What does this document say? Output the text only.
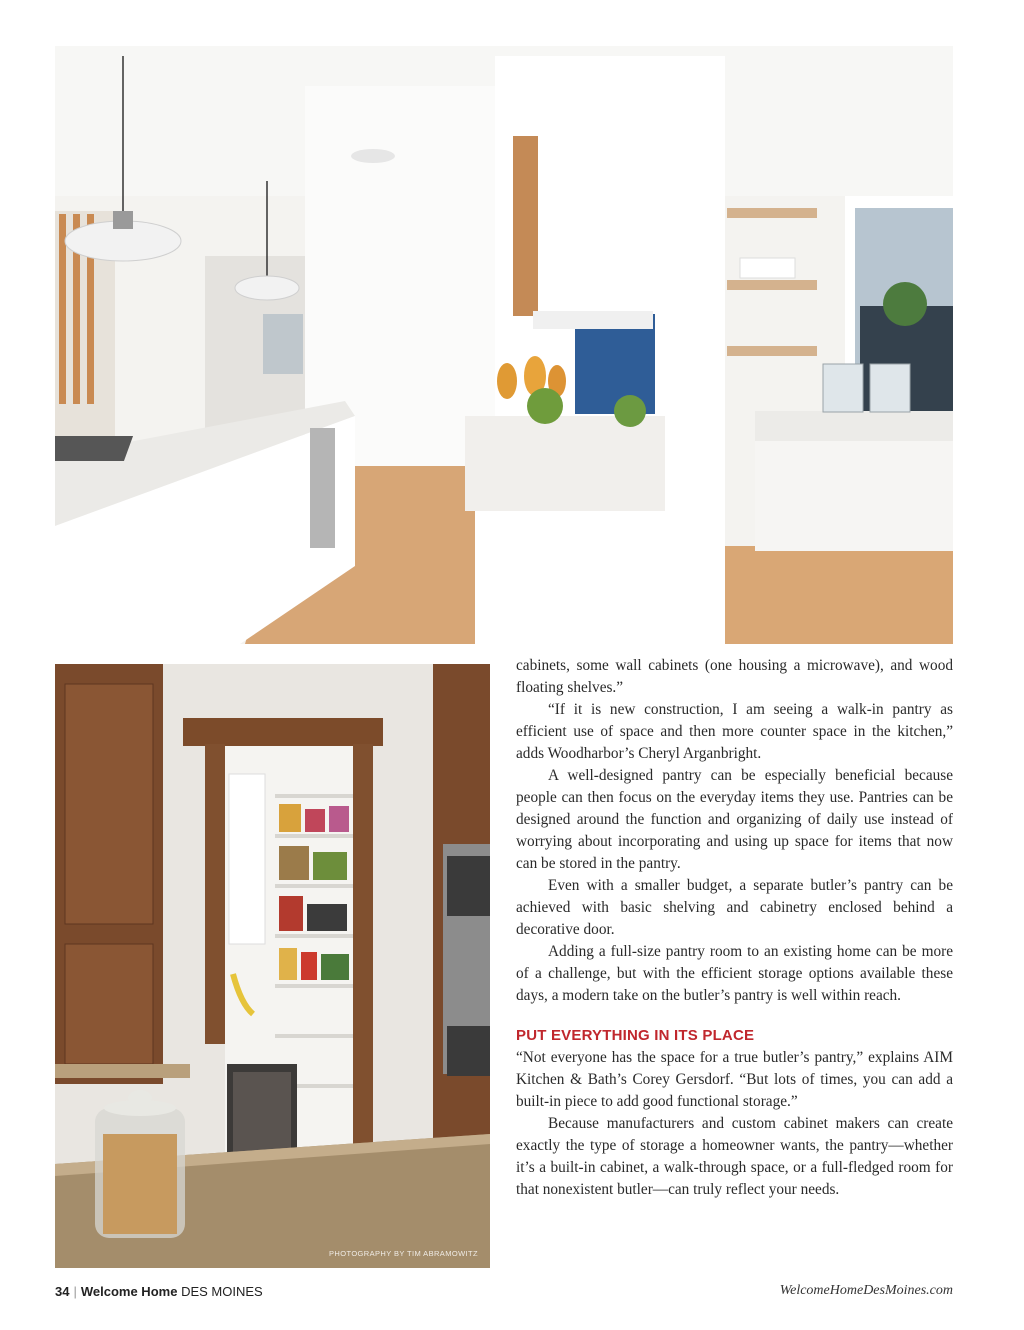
PHOTOGRAPHY BY TIM ABRAMOWITZ

cabinets, some wall cabinets (one housing a microwave), and wood floating shelves.”

“If it is new construction, I am seeing a walk-in pantry as efficient use of space and then more counter space in the kitchen,” adds Woodharbor’s Cheryl Arganbright.

A well-designed pantry can be especially beneficial because people can then focus on the everyday items they use. Pantries can be designed around the function and organizing of daily use instead of worrying about incorporating and using up space for items that now can be stored in the pantry.

Even with a smaller budget, a separate butler’s pantry can be achieved with basic shelving and cabinetry enclosed behind a decorative door.

Adding a full-size pantry room to an existing home can be more of a challenge, but with the efficient storage options available these days, a modern take on the butler’s pantry is well within reach.

PUT EVERYTHING IN ITS PLACE

“Not everyone has the space for a true butler’s pantry,” explains AIM Kitchen & Bath’s Corey Gersdorf. “But lots of times, you can add a built-in piece to add good functional storage.”

Because manufacturers and custom cabinet makers can create exactly the type of storage a homeowner wants, the pantry—whether it’s a built-in cabinet, a walk-through space, or a full-fledged room for that nonexistent butler—can truly reflect your needs.

34 | Welcome Home DES MOINES	WelcomeHomeDesMoines.com
